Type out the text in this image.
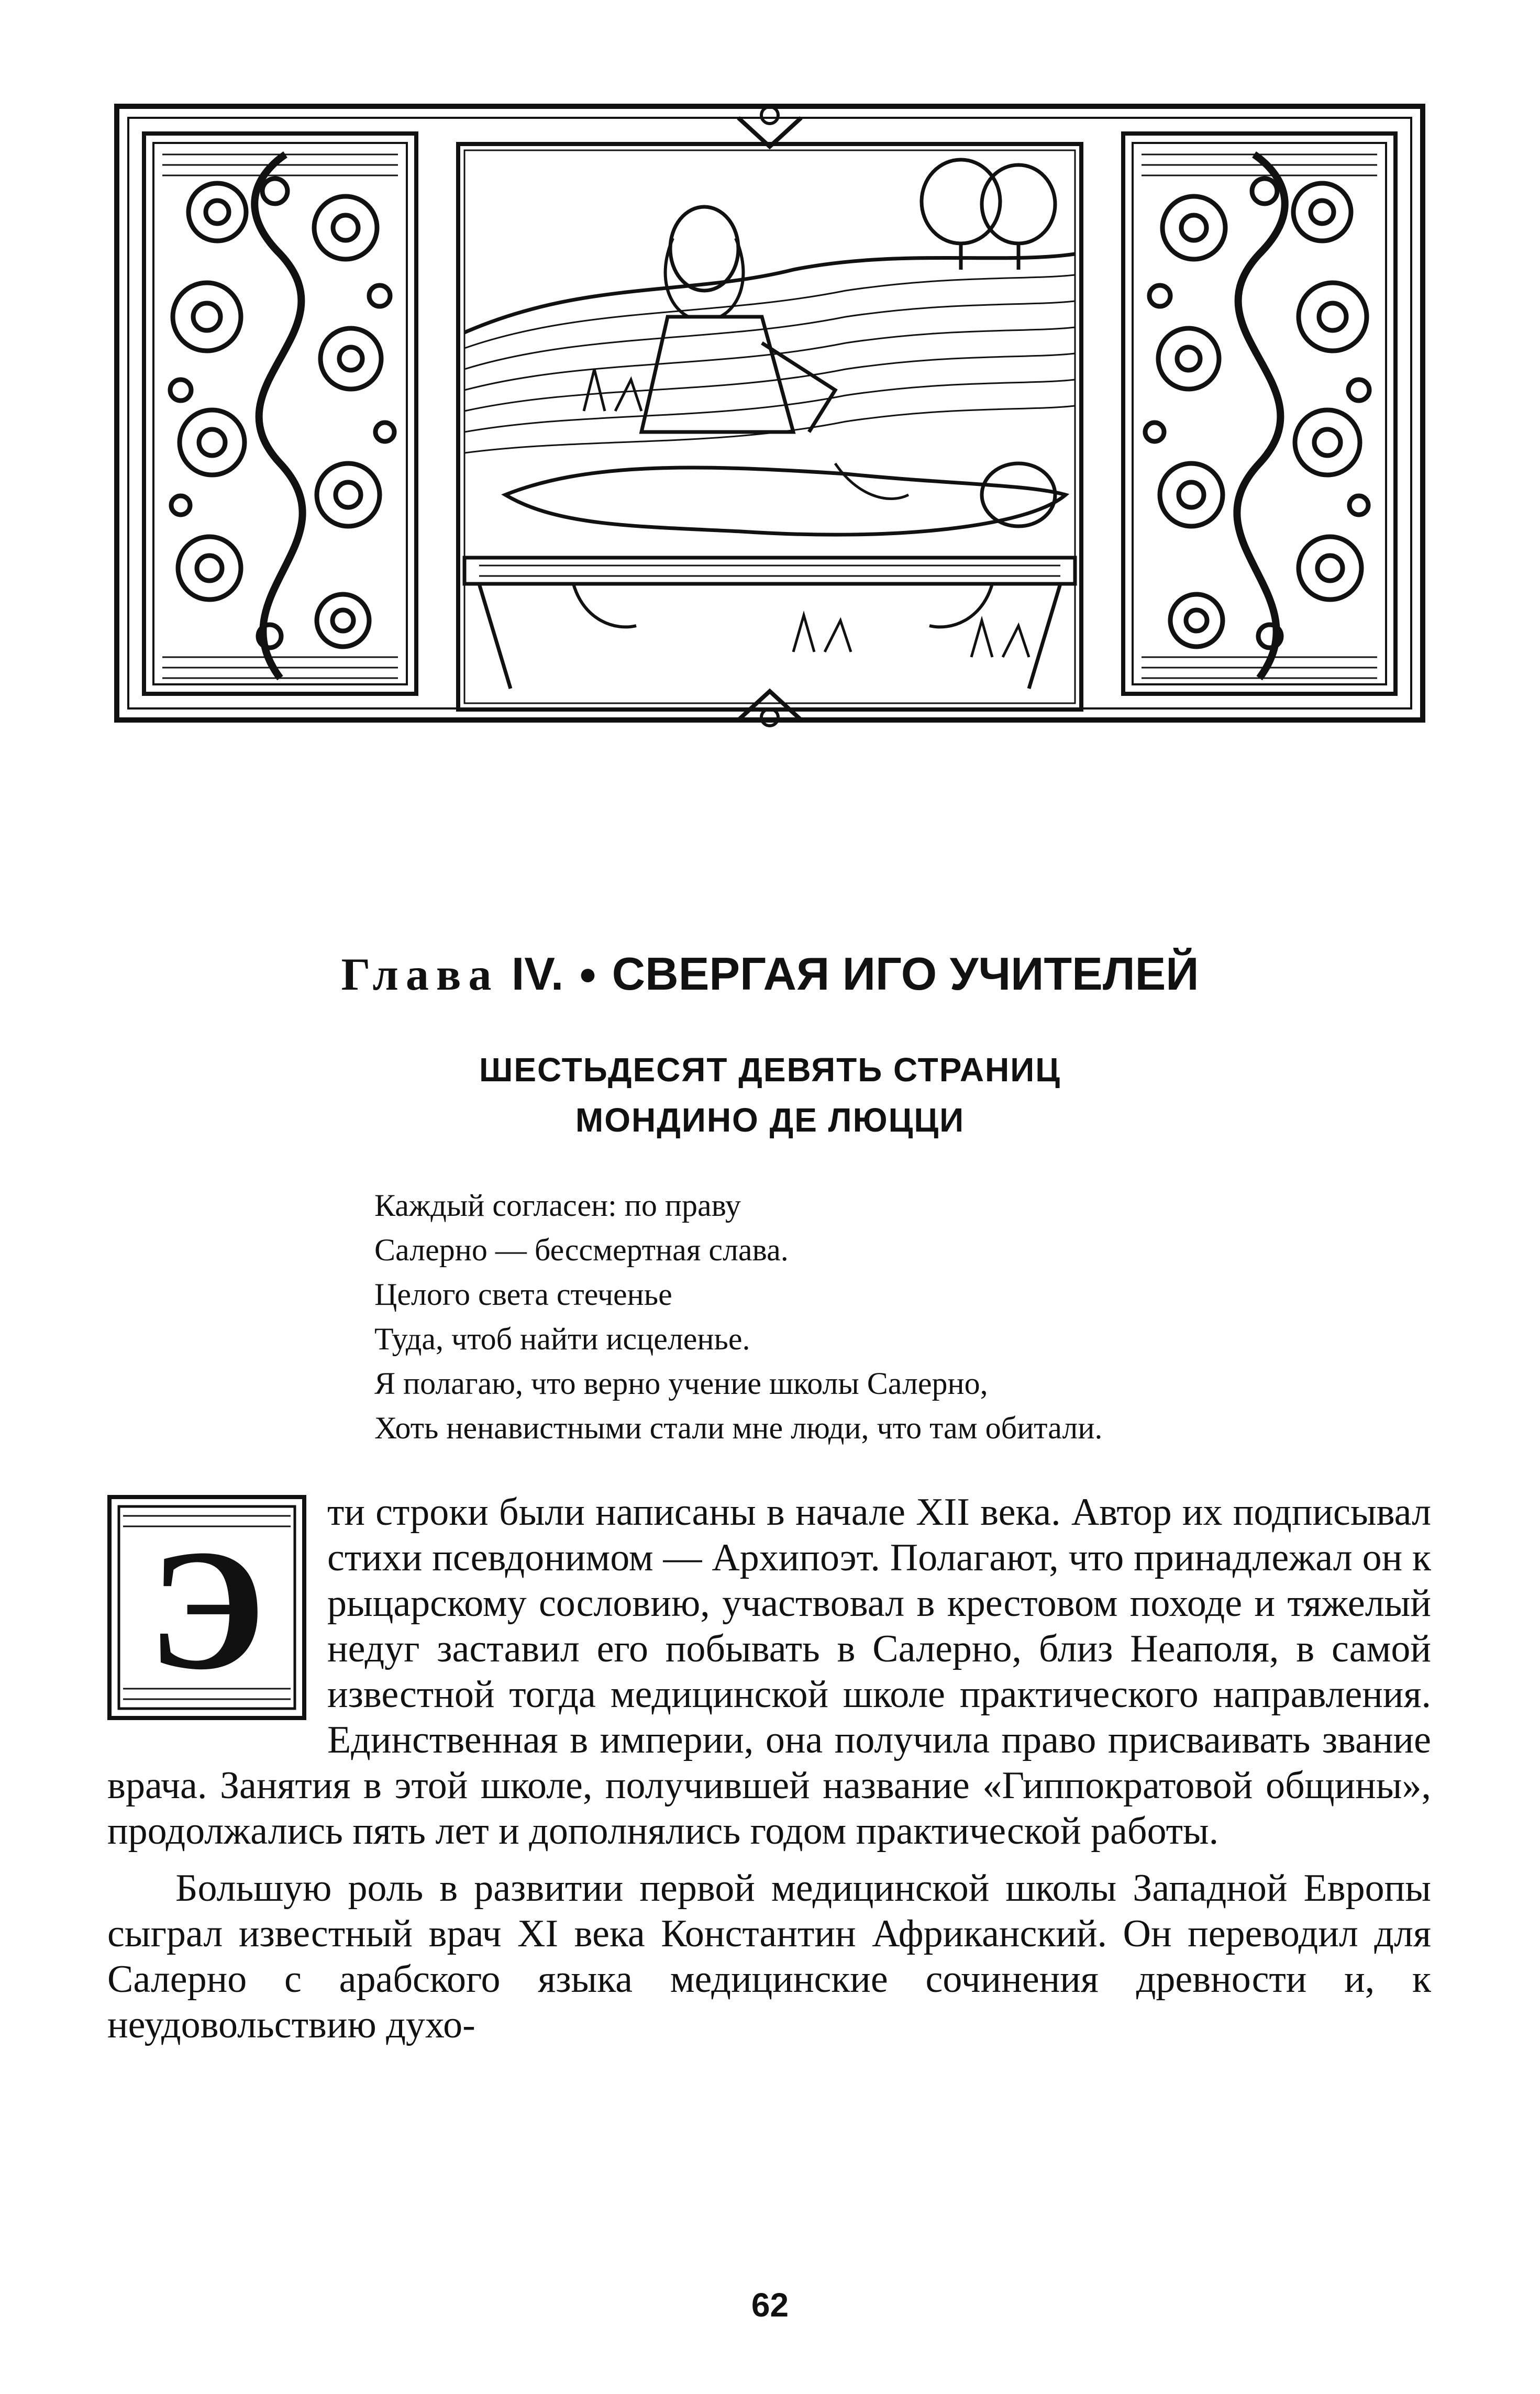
Глава IV. ● СВЕРГАЯ ИГО УЧИТЕЛЕЙ
ШЕСТЬДЕСЯТ ДЕВЯТЬ СТРАНИЦ
МОНДИНО ДЕ ЛЮЦЦИ
Каждый согласен: по праву
Салерно — бессмертная слава.
Целого света стеченье
Туда, чтоб найти исцеленье.
Я полагаю, что верно учение школы Салерно,
Хоть ненавистными стали мне люди, что там обитали.
Э

ти строки были написаны в начале XII века. Автор их подписывал стихи псевдонимом — Архипоэт. Полагают, что принадлежал он к рыцарскому сословию, участвовал в крестовом походе и тяжелый недуг заставил его побывать в Салерно, близ Неаполя, в самой известной тогда медицинской школе практического направления. Единственная в империи, она получила право присваивать звание врача. Занятия в этой школе, получившей название «Гиппократовой общины», продолжались пять лет и дополнялись годом практической работы.

Большую роль в развитии первой медицинской школы Западной Европы сыграл известный врач XI века Константин Африканский. Он переводил для Салерно с арабского языка медицинские сочинения древности и, к неудовольствию духо-

62
